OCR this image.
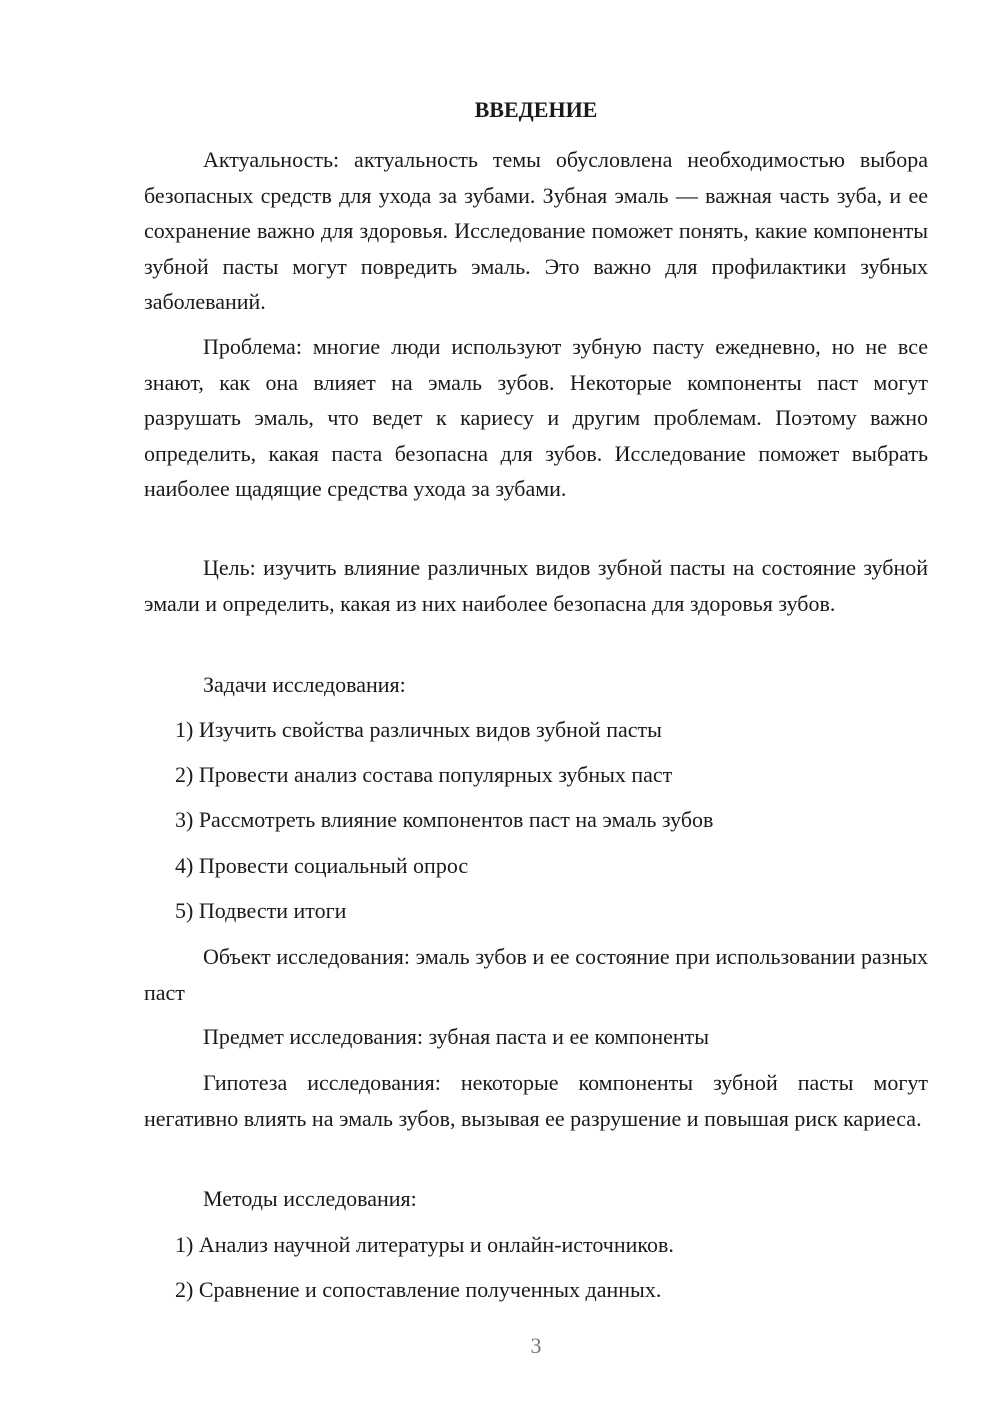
ВВЕДЕНИЕ

Актуальность: актуальность темы обусловлена необходимостью выбора безопасных средств для ухода за зубами. Зубная эмаль — важная часть зуба, и ее сохранение важно для здоровья. Исследование поможет понять, какие компоненты зубной пасты могут повредить эмаль. Это важно для профилактики зубных заболеваний.

Проблема: многие люди используют зубную пасту ежедневно, но не все знают, как она влияет на эмаль зубов. Некоторые компоненты паст могут разрушать эмаль, что ведет к кариесу и другим проблемам. Поэтому важно определить, какая паста безопасна для зубов. Исследование поможет выбрать наиболее щадящие средства ухода за зубами.

Цель: изучить влияние различных видов зубной пасты на состояние зубной эмали и определить, какая из них наиболее безопасна для здоровья зубов.

Задачи исследования:

1) Изучить свойства различных видов зубной пасты

2) Провести анализ состава популярных зубных паст

3) Рассмотреть влияние компонентов паст на эмаль зубов

4) Провести социальный опрос

5) Подвести итоги

Объект исследования: эмаль зубов и ее состояние при использовании разных паст

Предмет исследования: зубная паста и ее компоненты

Гипотеза исследования: некоторые компоненты зубной пасты могут негативно влиять на эмаль зубов, вызывая ее разрушение и повышая риск кариеса.

Методы исследования:

1) Анализ научной литературы и онлайн-источников.

2) Сравнение и сопоставление полученных данных.

3
